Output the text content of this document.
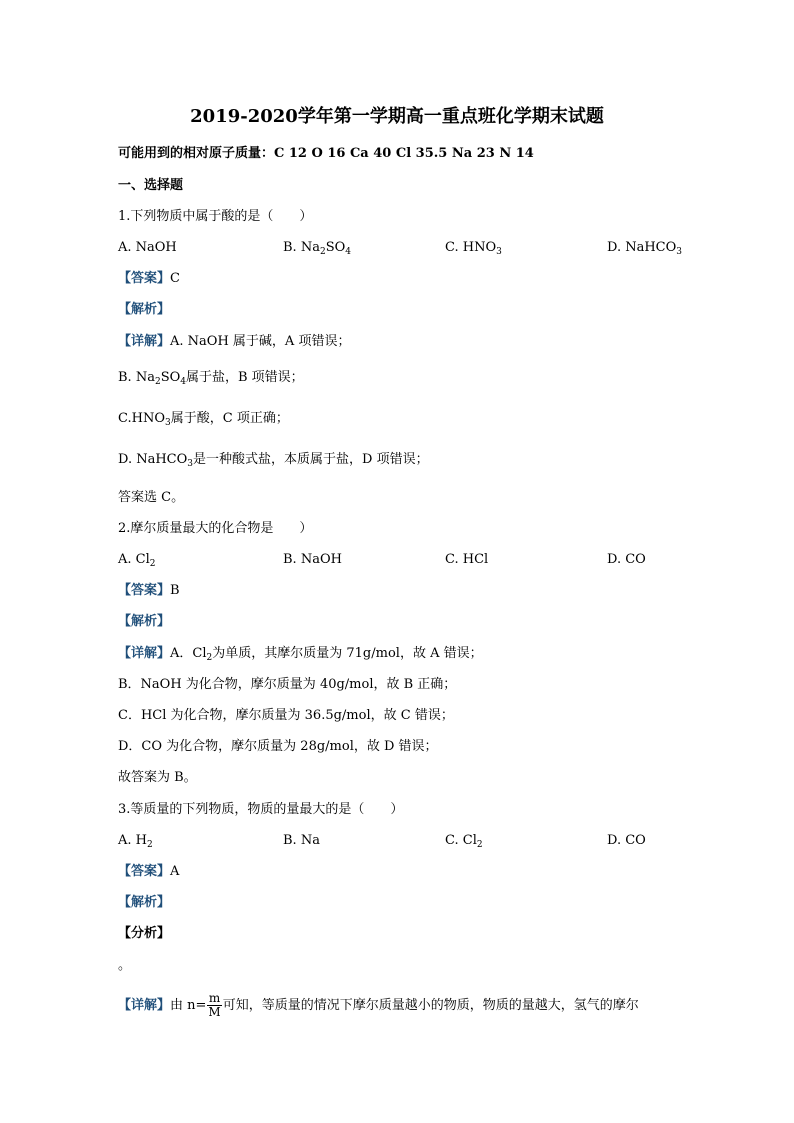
2019-2020学年第一学期高一重点班化学期末试题
可能用到的相对原子质量：C 12 O 16 Ca 40 Cl 35.5 Na 23 N 14
一、选择题
1.下列物质中属于酸的是（　　）
A. NaOH	B. $Na_2SO_4$	C. $HNO_3$	D. NaHCO$_3$
【答案】C
【解析】
【详解】A. NaOH 属于碱，A 项错误；
B. $Na_2SO_4$属于盐，B 项错误；
$C.HNO_3$属于酸，C 项正确；
D. NaHCO$_3$是一种酸式盐，本质属于盐，D 项错误；
答案选 C。
2.摩尔质量最大的化合物是　　）
A. $Cl_2$	B. NaOH	C. HCl	D. CO
【答案】B
【解析】
【详解】A．$Cl_2$为单质，其摩尔质量为 71g/mol，故 A 错误；
B．NaOH 为化合物，摩尔质量为 40g/mol，故 B 正确；
C．HCl 为化合物，摩尔质量为 36.5g/mol，故 C 错误；
D．CO 为化合物，摩尔质量为 28g/mol，故 D 错误；
故答案为 B。
3.等质量的下列物质，物质的量最大的是（　　）
A. $H_2$	B. Na	C. $Cl_2$	D. CO
【答案】A
【解析】
【分析】
。
【详解】由 $n= \frac{m}{M}$ 可知，等质量的情况下摩尔质量越小的物质，物质的量越大，氢气的摩尔
